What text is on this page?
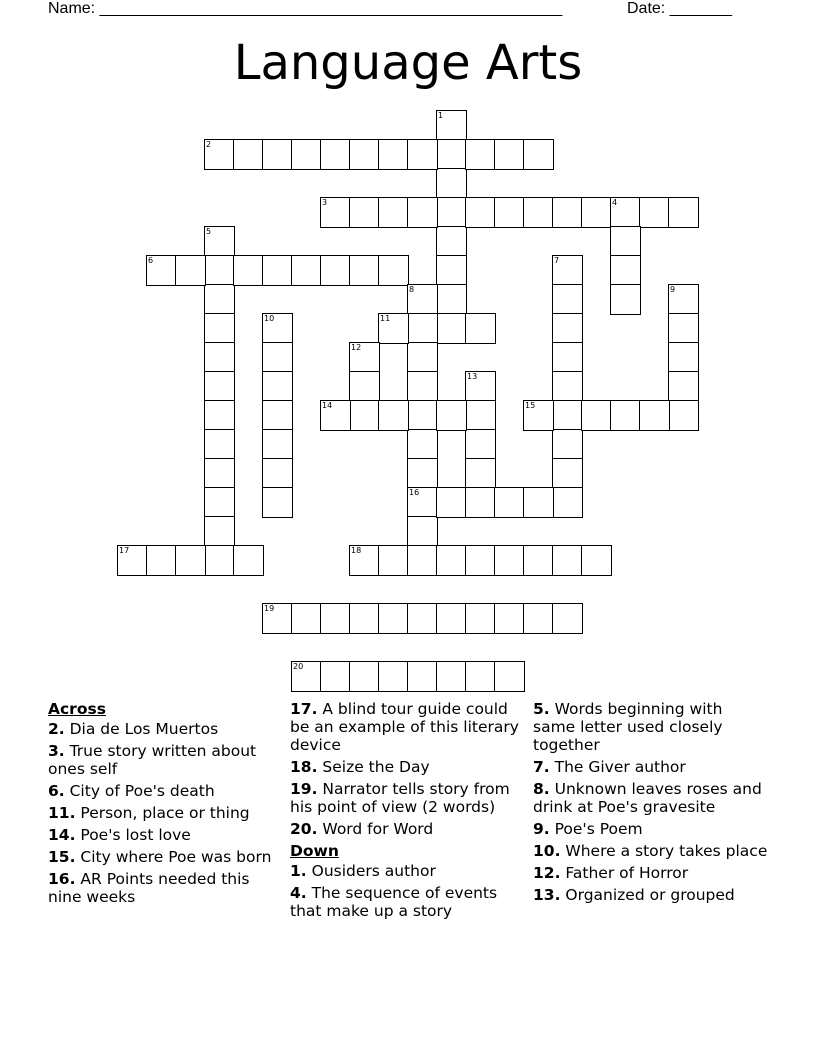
Name: ____________________________________________________	Date: _______
Language Arts
1
2
3	4
5
6	7
8
16
9
10	11
12
13
14	15
17	18
19
20

Across

2. Dia de Los Muertos

3. True story written about ones self

6. City of Poe's death

11. Person, place or thing

14. Poe's lost love

15. City where Poe was born

16. AR Points needed this nine weeks

17. A blind tour guide could be an example of this literary device

18. Seize the Day

19. Narrator tells story from his point of view (2 words)

20. Word for Word

Down

1. Ousiders author

4. The sequence of events that make up a story

5. Words beginning with same letter used closely together

7. The Giver author

8. Unknown leaves roses and drink at Poe's gravesite

9. Poe's Poem

10. Where a story takes place

12. Father of Horror

13. Organized or grouped
